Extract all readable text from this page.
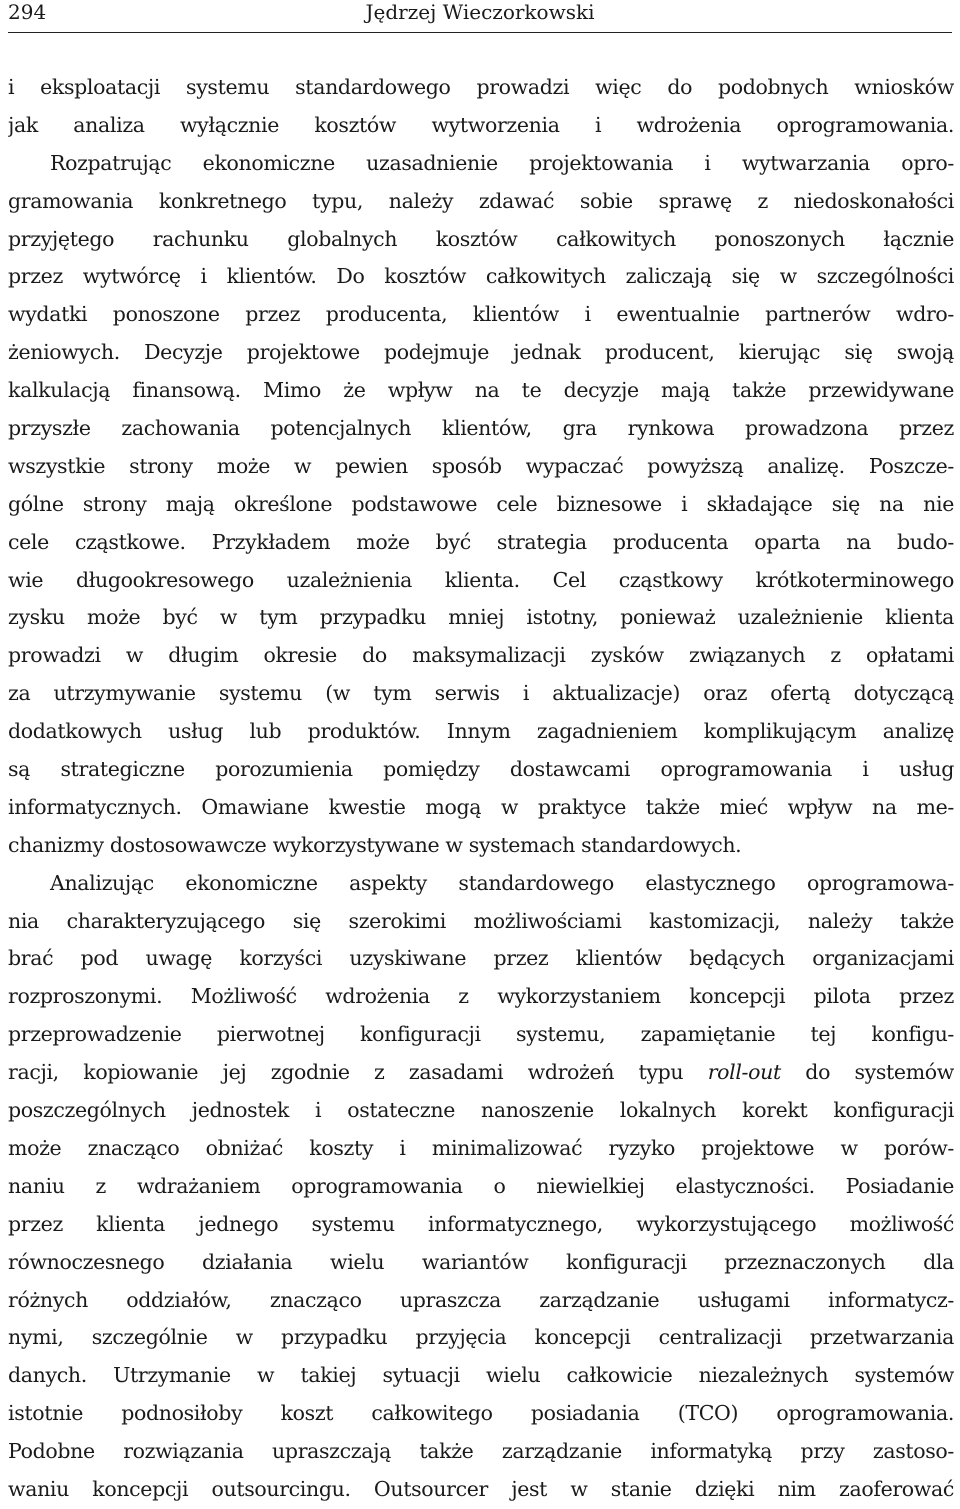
294	Jędrzej Wieczorkowski
i eksploatacji systemu standardowego prowadzi więc do podobnych wniosków
jak analiza wyłącznie kosztów wytworzenia i wdrożenia oprogramowania.
Rozpatrując ekonomiczne uzasadnienie projektowania i wytwarzania opro-
gramowania konkretnego typu, należy zdawać sobie sprawę z niedoskonałości
przyjętego rachunku globalnych kosztów całkowitych ponoszonych łącznie
przez wytwórcę i klientów. Do kosztów całkowitych zaliczają się w szczególności
wydatki ponoszone przez producenta, klientów i ewentualnie partnerów wdro-
żeniowych. Decyzje projektowe podejmuje jednak producent, kierując się swoją
kalkulacją finansową. Mimo że wpływ na te decyzje mają także przewidywane
przyszłe zachowania potencjalnych klientów, gra rynkowa prowadzona przez
wszystkie strony może w pewien sposób wypaczać powyższą analizę. Poszcze-
gólne strony mają określone podstawowe cele biznesowe i składające się na nie
cele cząstkowe. Przykładem może być strategia producenta oparta na budo-
wie długookresowego uzależnienia klienta. Cel cząstkowy krótkoterminowego
zysku może być w tym przypadku mniej istotny, ponieważ uzależnienie klienta
prowadzi w długim okresie do maksymalizacji zysków związanych z opłatami
za utrzymywanie systemu (w tym serwis i aktualizacje) oraz ofertą dotyczącą
dodatkowych usług lub produktów. Innym zagadnieniem komplikującym analizę
są strategiczne porozumienia pomiędzy dostawcami oprogramowania i usług
informatycznych. Omawiane kwestie mogą w praktyce także mieć wpływ na me-
chanizmy dostosowawcze wykorzystywane w systemach standardowych.
Analizując ekonomiczne aspekty standardowego elastycznego oprogramowa-
nia charakteryzującego się szerokimi możliwościami kastomizacji, należy także
brać pod uwagę korzyści uzyskiwane przez klientów będących organizacjami
rozproszonymi. Możliwość wdrożenia z wykorzystaniem koncepcji pilota przez
przeprowadzenie pierwotnej konfiguracji systemu, zapamiętanie tej konfigu-
racji, kopiowanie jej zgodnie z zasadami wdrożeń typu roll-out do systemów
poszczególnych jednostek i ostateczne nanoszenie lokalnych korekt konfiguracji
może znacząco obniżać koszty i minimalizować ryzyko projektowe w porów-
naniu z wdrażaniem oprogramowania o niewielkiej elastyczności. Posiadanie
przez klienta jednego systemu informatycznego, wykorzystującego możliwość
równoczesnego działania wielu wariantów konfiguracji przeznaczonych dla
różnych oddziałów, znacząco upraszcza zarządzanie usługami informatycz-
nymi, szczególnie w przypadku przyjęcia koncepcji centralizacji przetwarzania
danych. Utrzymanie w takiej sytuacji wielu całkowicie niezależnych systemów
istotnie podnosiłoby koszt całkowitego posiadania (TCO) oprogramowania.
Podobne rozwiązania upraszczają także zarządzanie informatyką przy zastoso-
waniu koncepcji outsourcingu. Outsourcer jest w stanie dzięki nim zaoferować
